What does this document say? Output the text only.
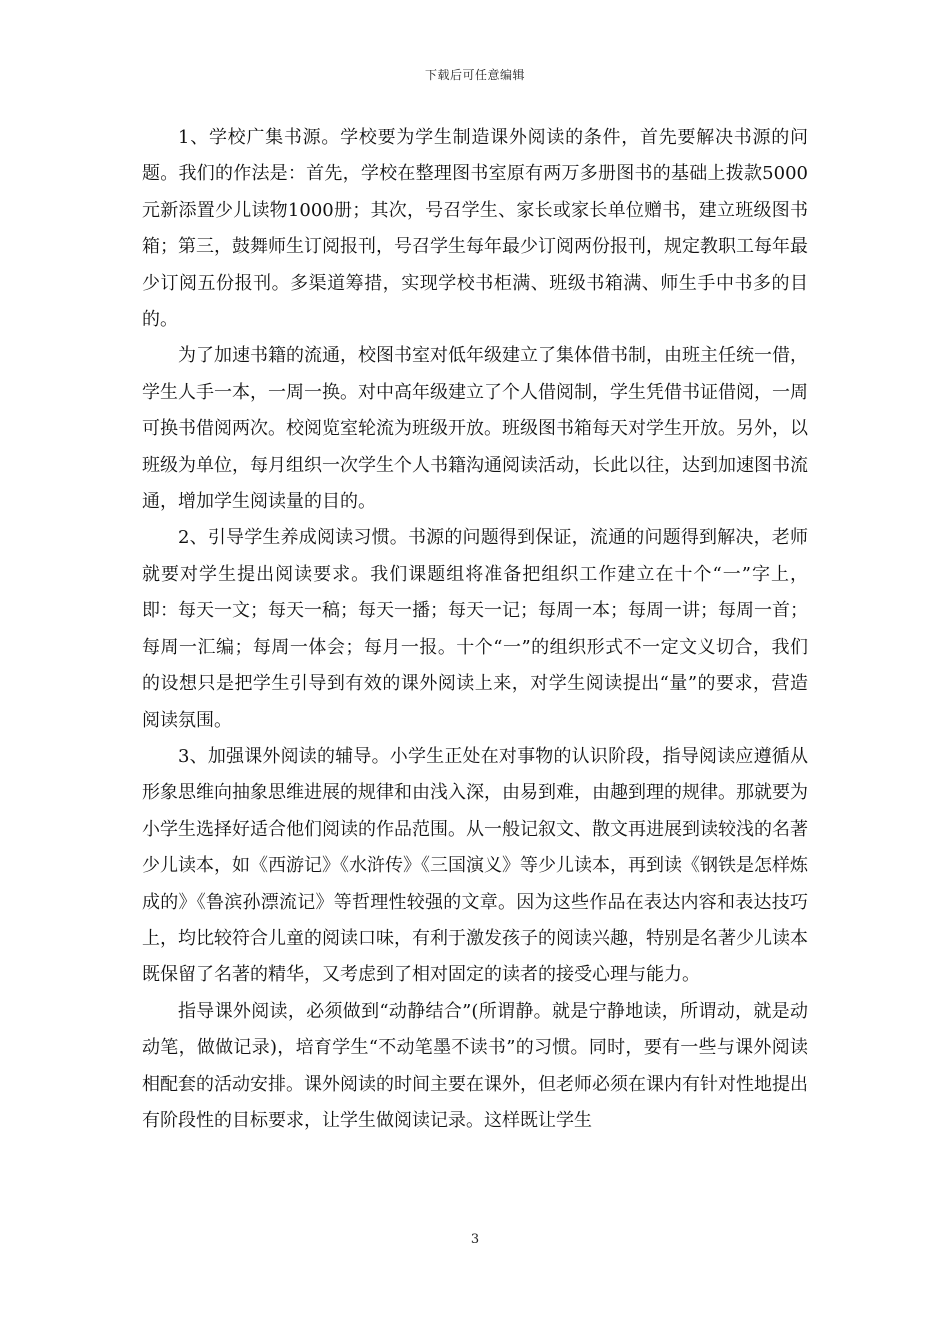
下载后可任意编辑

1、学校广集书源。学校要为学生制造课外阅读的条件，首先要解决书源的问题。我们的作法是：首先，学校在整理图书室原有两万多册图书的基础上拨款5000元新添置少儿读物1000册；其次，号召学生、家长或家长单位赠书，建立班级图书箱；第三，鼓舞师生订阅报刊，号召学生每年最少订阅两份报刊，规定教职工每年最少订阅五份报刊。多渠道筹措，实现学校书柜满、班级书箱满、师生手中书多的目的。

为了加速书籍的流通，校图书室对低年级建立了集体借书制，由班主任统一借，学生人手一本，一周一换。对中高年级建立了个人借阅制，学生凭借书证借阅，一周可换书借阅两次。校阅览室轮流为班级开放。班级图书箱每天对学生开放。另外，以班级为单位，每月组织一次学生个人书籍沟通阅读活动，长此以往，达到加速图书流通，增加学生阅读量的目的。

2、引导学生养成阅读习惯。书源的问题得到保证，流通的问题得到解决，老师就要对学生提出阅读要求。我们课题组将准备把组织工作建立在十个“一”字上，即：每天一文；每天一稿；每天一播；每天一记；每周一本；每周一讲；每周一首；每周一汇编；每周一体会；每月一报。十个“一”的组织形式不一定文义切合，我们的设想只是把学生引导到有效的课外阅读上来，对学生阅读提出“量”的要求，营造阅读氛围。

3、加强课外阅读的辅导。小学生正处在对事物的认识阶段，指导阅读应遵循从形象思维向抽象思维进展的规律和由浅入深，由易到难，由趣到理的规律。那就要为小学生选择好适合他们阅读的作品范围。从一般记叙文、散文再进展到读较浅的名著少儿读本，如《西游记》《水浒传》《三国演义》等少儿读本，再到读《钢铁是怎样炼成的》《鲁滨孙漂流记》等哲理性较强的文章。因为这些作品在表达内容和表达技巧上，均比较符合儿童的阅读口味，有利于激发孩子的阅读兴趣，特别是名著少儿读本既保留了名著的精华，又考虑到了相对固定的读者的接受心理与能力。

指导课外阅读，必须做到“动静结合”(所谓静。就是宁静地读，所谓动，就是动动笔，做做记录)，培育学生“不动笔墨不读书”的习惯。同时，要有一些与课外阅读相配套的活动安排。课外阅读的时间主要在课外，但老师必须在课内有针对性地提出有阶段性的目标要求，让学生做阅读记录。这样既让学生

3
